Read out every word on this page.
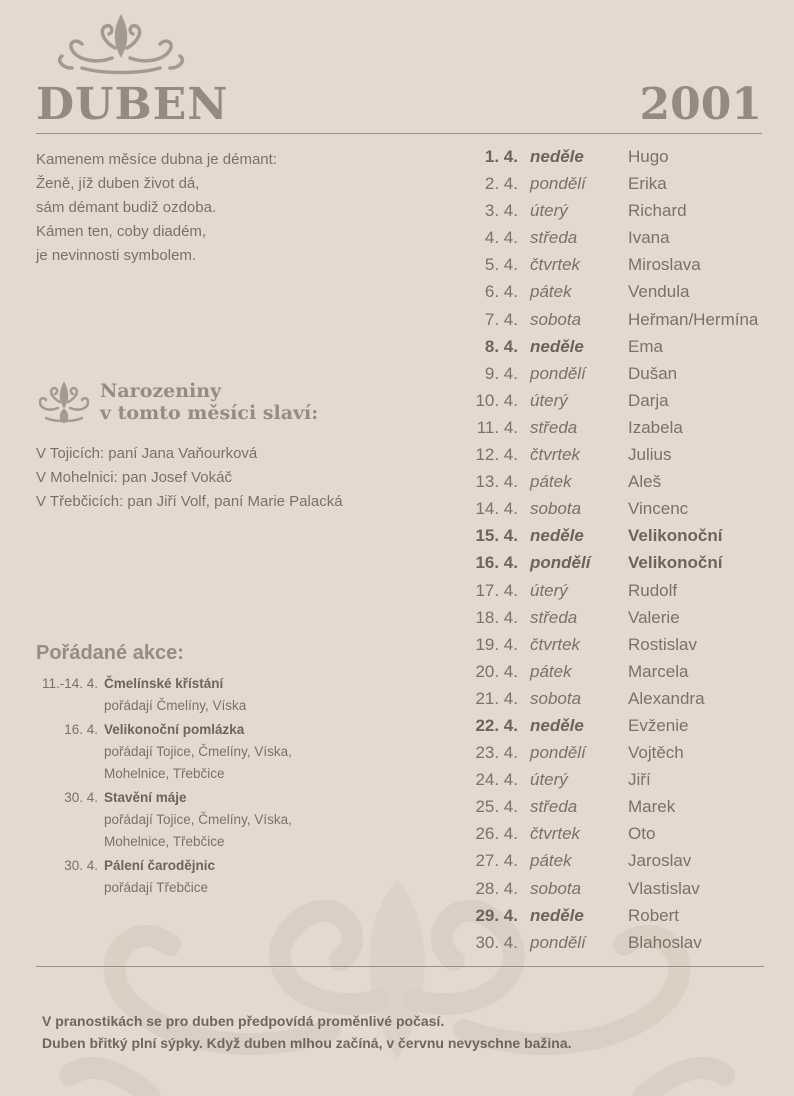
DUBEN	2001
Kamenem měsíce dubna je démant:
Ženě, jíž duben život dá,
sám démant budiž ozdoba.
Kámen ten, coby diadém,
je nevinnosti symbolem.
Narozeniny
v tomto měsíci slaví:
V Tojicích: paní Jana Vaňourková
V Mohelnici: pan Josef Vokáč
V Třebčicích: pan Jiří Volf, paní Marie Palacká
Pořádané akce:
11.-14. 4. Čmelínské křístání
pořádají Čmelíny, Víska
16. 4. Velikonoční pomlázka
pořádají Tojice, Čmelíny, Víska,
Mohelnice, Třebčice
30. 4. Stavění máje
pořádají Tojice, Čmelíny, Víska,
Mohelnice, Třebčice
30. 4. Pálení čarodějnic
pořádají Třebčice
1. 4. neděle	Hugo
2. 4. pondělí Erika
3. 4. úterý	Richard
4. 4. středa	Ivana
5. 4. čtvrtek	Miroslava
6. 4. pátek	Vendula
7. 4. sobota	Heřman/Hermína
8. 4. neděle	Ema
9. 4. pondělí Dušan
10. 4. úterý	Darja
11. 4. středa	Izabela
12. 4. čtvrtek	Julius
13. 4. pátek	Aleš
14. 4. sobota	Vincenc
15. 4. neděle	Velikonoční
16. 4. pondělí Velikonoční
17. 4. úterý	Rudolf
18. 4. středa	Valerie
19. 4. čtvrtek	Rostislav
20. 4. pátek	Marcela
21. 4. sobota	Alexandra
22. 4. neděle	Evženie
23. 4. pondělí Vojtěch
24. 4. úterý	Jiří
25. 4. středa	Marek
26. 4. čtvrtek	Oto
27. 4. pátek	Jaroslav
28. 4. sobota	Vlastislav
29. 4. neděle	Robert
30. 4. pondělí Blahoslav
V pranostikách se pro duben předpovídá proměnlivé počasí.
Duben břitký plní sýpky. Když duben mlhou začíná, v červnu nevyschne bažina.
